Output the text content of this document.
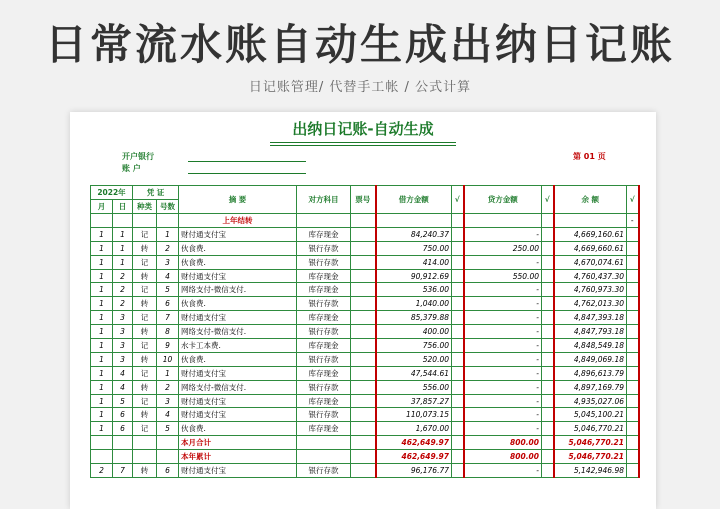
日常流水账自动生成出纳日记账
日记账管理/ 代替手工帐 / 公式计算
出纳日记账-自动生成
开户银行
账 户
第 01 页
2022年		凭 证		摘 要	对方科目	票号	借方金额	√	贷方金额	√	余 额	√
月	日	种类	号数									
				上年结转								-
1	1	记	1	财付通支付宝	库存现金		84,240.37		-		4,669,160.61	
1	1	转	2	伙食费.	银行存款		750.00		250.00		4,669,660.61	
1	1	记	3	伙食费.	银行存款		414.00		-		4,670,074.61	
1	2	转	4	财付通支付宝	库存现金		90,912.69		550.00		4,760,437.30	
1	2	记	5	网络支付-微信支付.	库存现金		536.00		-		4,760,973.30	
1	2	转	6	伙食费.	银行存款		1,040.00		-		4,762,013.30	
1	3	记	7	财付通支付宝	库存现金		85,379.88		-		4,847,393.18	
1	3	转	8	网络支付-微信支付.	银行存款		400.00		-		4,847,793.18	
1	3	记	9	水卡工本费.	库存现金		756.00		-		4,848,549.18	
1	3	转	10	伙食费.	银行存款		520.00		-		4,849,069.18	
1	4	记	1	财付通支付宝	库存现金		47,544.61		-		4,896,613.79	
1	4	转	2	网络支付-微信支付.	银行存款		556.00		-		4,897,169.79	
1	5	记	3	财付通支付宝	库存现金		37,857.27		-		4,935,027.06	
1	6	转	4	财付通支付宝	银行存款		110,073.15		-		5,045,100.21	
1	6	记	5	伙食费.	库存现金		1,670.00		-		5,046,770.21	
				本月合计			462,649.97		800.00		5,046,770.21	
				本年累计			462,649.97		800.00		5,046,770.21	
2	7	转	6	财付通支付宝	银行存款		96,176.77		-		5,142,946.98	
